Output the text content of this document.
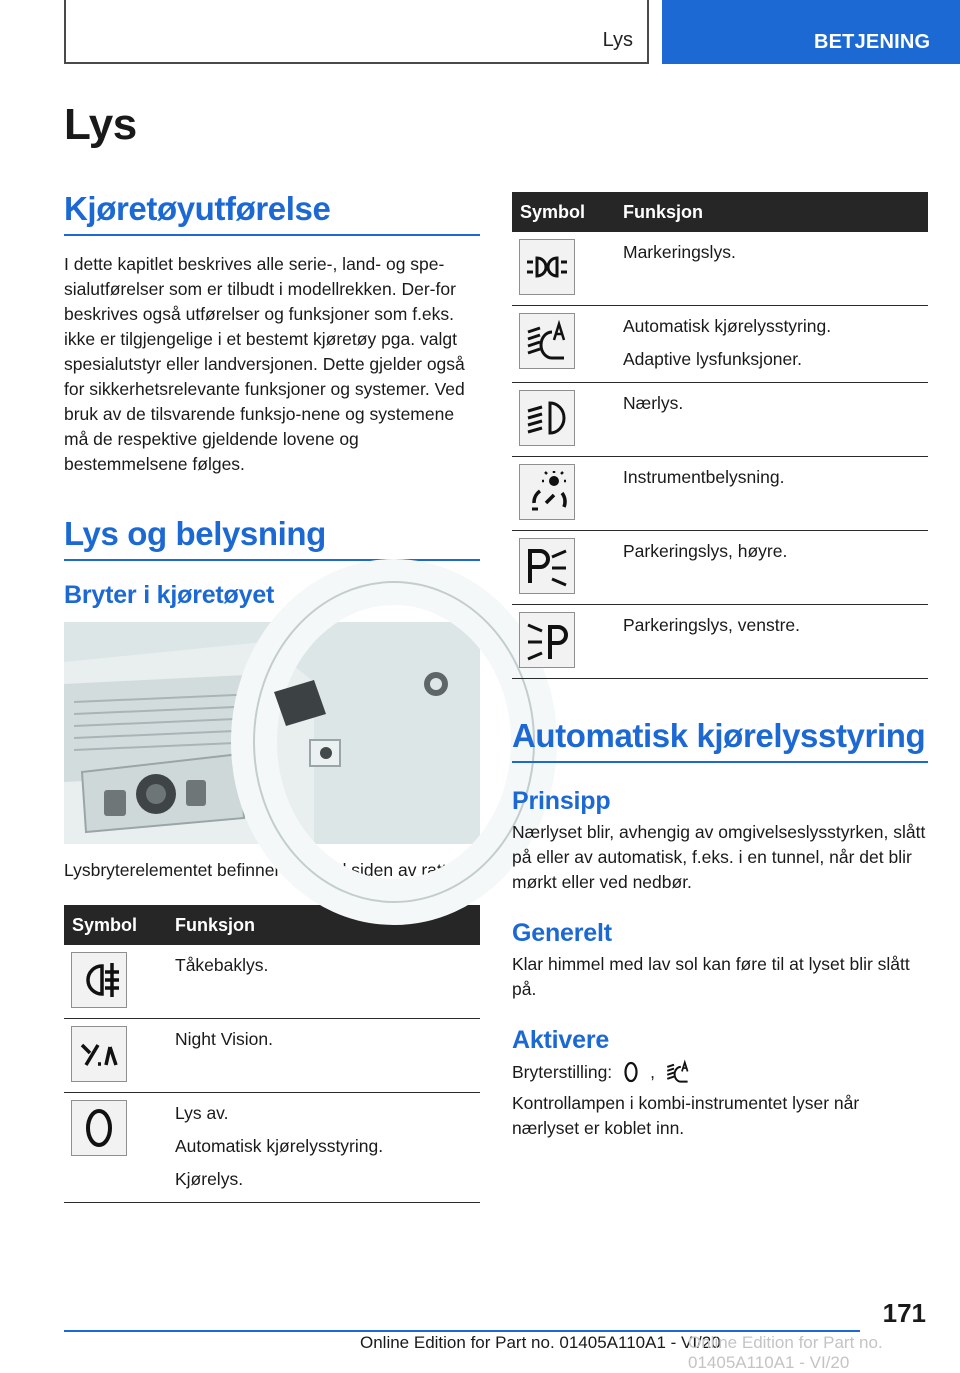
Lys	BETJENING
Lys
Kjøretøyutførelse

I dette kapitlet beskrives alle serie-, land- og spe-sialutførelser som er tilbudt i modellrekken. Der-for beskrives også utførelser og funksjoner som f.eks. ikke er tilgjengelige i et bestemt kjøretøy pga. valgt spesialutstyr eller landversjonen. Dette gjelder også for sikkerhetsrelevante funksjoner og systemer. Ved bruk av de tilsvarende funksjo-nene og systemene må de respektive gjeldende lovene og bestemmelsene følges.

Lys og belysning
Bryter i kjøretøyet

Lysbryterelementet befinner seg ved siden av rattet.

Symbol	Funksjon

Tåkebaklys.

Night Vision.

Lys av.
Automatisk kjørelysstyring.
Kjørelys.
Symbol	Funksjon

Markeringslys.

Automatisk kjørelysstyring.
Adaptive lysfunksjoner.

Nærlys.

Instrumentbelysning.

Parkeringslys, høyre.

Parkeringslys, venstre.
Automatisk kjørelysstyring
Prinsipp

Nærlyset blir, avhengig av omgivelseslysstyrken, slått på eller av automatisk, f.eks. i en tunnel, når det blir mørkt eller ved nedbør.

Generelt

Klar himmel med lav sol kan føre til at lyset blir slått på.

Aktivere

Bryterstilling: ,

Kontrollampen i kombi-instrumentet lyser når nærlyset er koblet inn.

171
Online Edition for Part no. 01405A110A1 - VI/20
Online Edition for Part no. 01405A110A1 - VI/20
